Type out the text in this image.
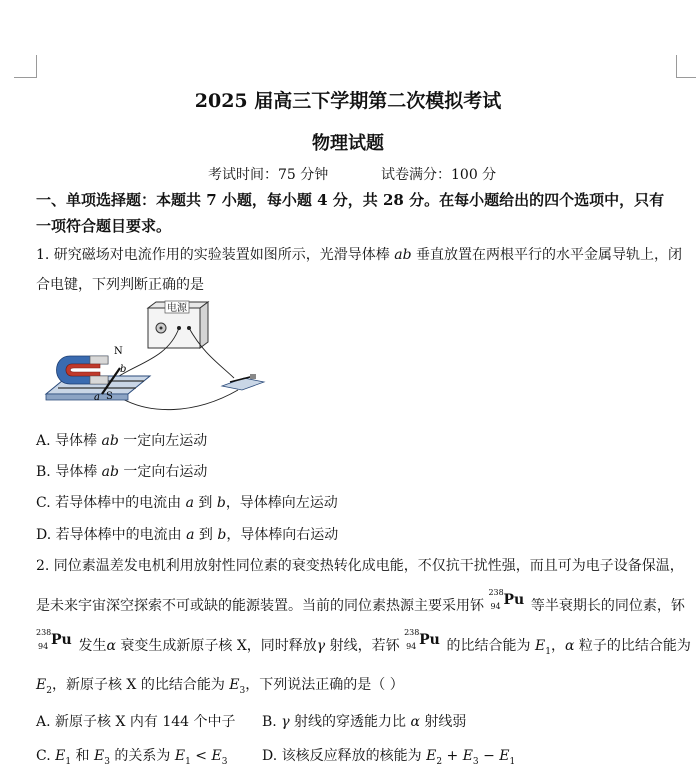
2025 届高三下学期第二次模拟考试
物理试题
考试时间：75 分钟	试卷满分：100 分
一、单项选择题：本题共 7 小题，每小题 4 分，共 28 分。在每小题给出的四个选项中，只有
一项符合题目要求。
1. 研究磁场对电流作用的实验装置如图所示，光滑导体棒 ab 垂直放置在两根平行的水平金属导轨上，闭
合电键，下列判断正确的是
电源
N
S
b
a
A. 导体棒 ab 一定向左运动
B. 导体棒 ab 一定向右运动
C. 若导体棒中的电流由 a 到 b，导体棒向左运动
D. 若导体棒中的电流由 a 到 b，导体棒向右运动
2. 同位素温差发电机利用放射性同位素的衰变热转化成电能，不仅抗干扰性强，而且可为电子设备保温，
是未来宇宙深空探索不可或缺的能源装置。当前的同位素热源主要采用钚
238
94 Pu 等半衰期长的同位素，钚
238
94 Pu 发生α 衰变生成新原子核 X，同时释放γ 射线，若钚
238
94 Pu 的比结合能为 $E_1$，α 粒子的比结合能为
$E_2$，新原子核 X 的比结合能为 $E_3$，下列说法正确的是（ ）
A. 新原子核 X 内有 144 个中子 B. γ 射线的穿透能力比 α 射线弱
C. $E_1$ 和 $E_3$ 的关系为 $E_1 < E_3$ D. 该核反应释放的核能为 $E_2 + E_3 - E_1$
